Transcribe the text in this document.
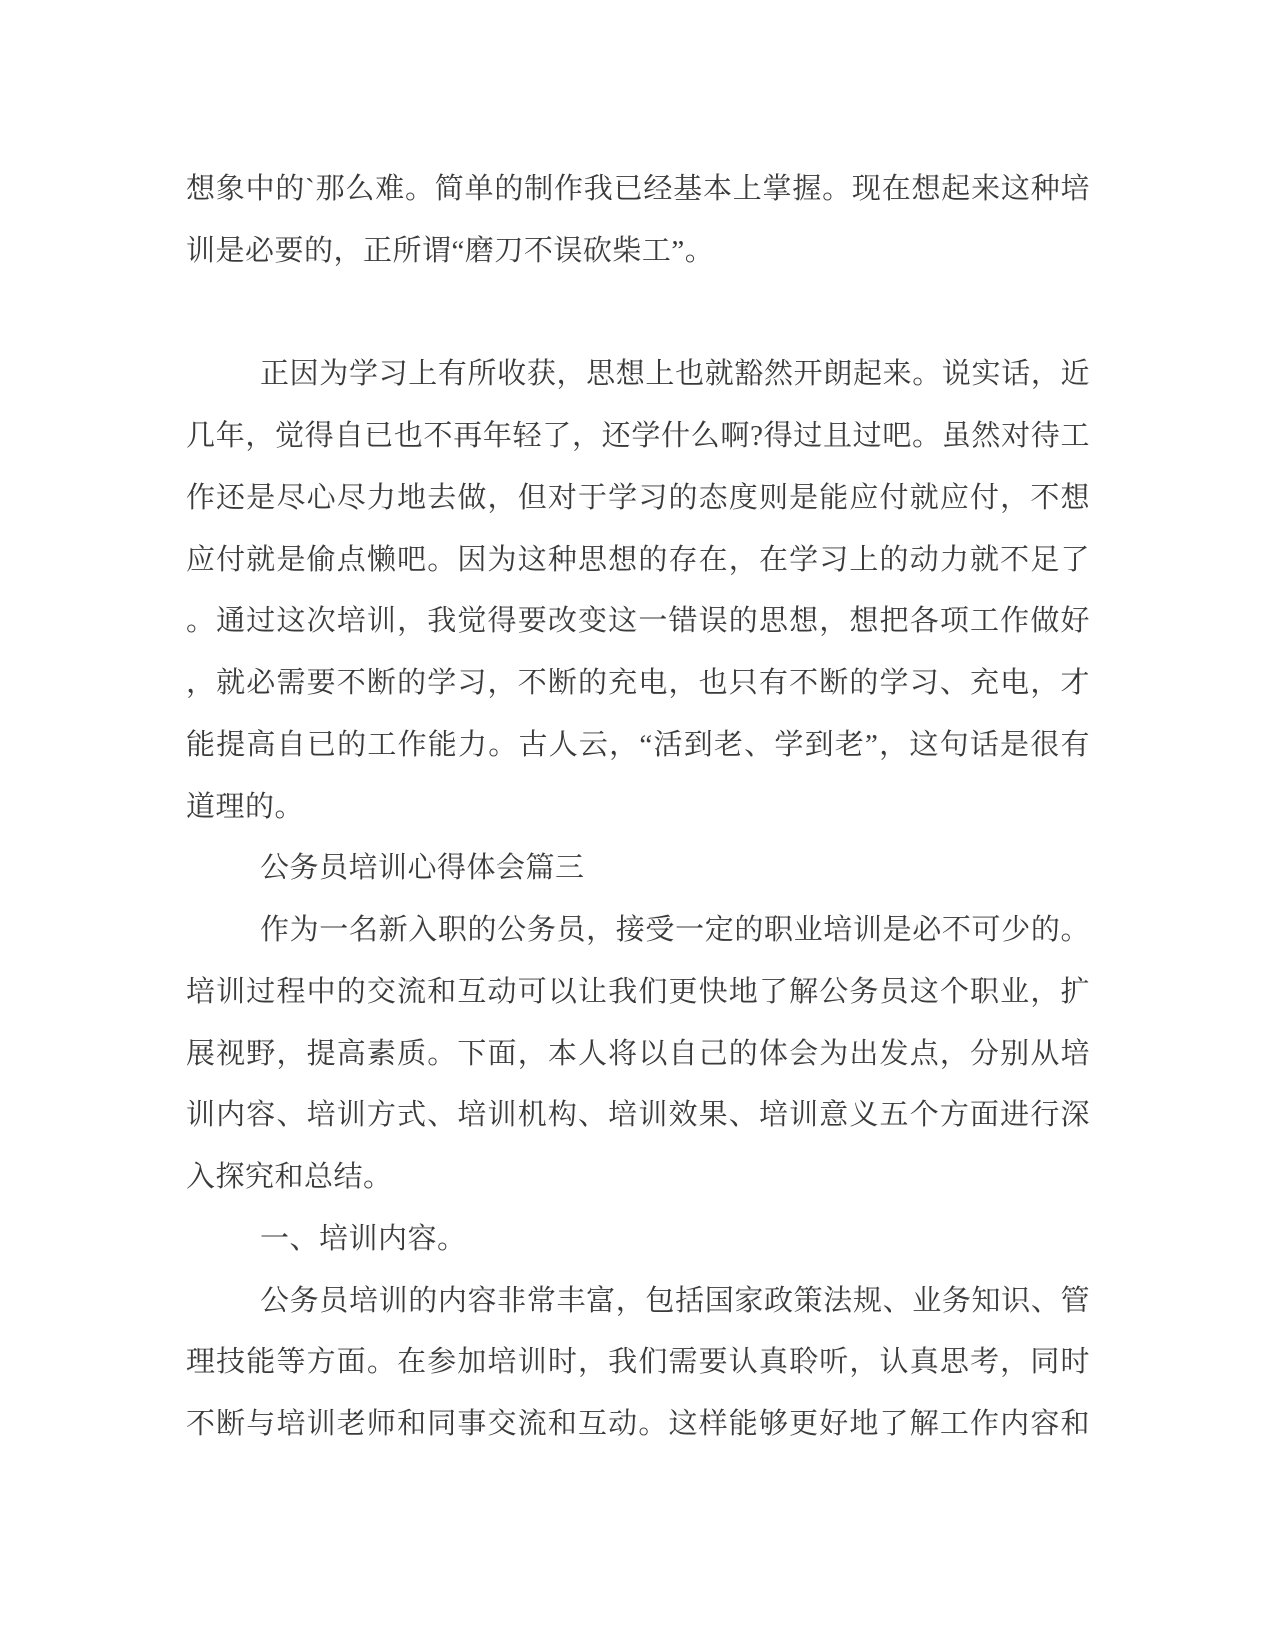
想象中的`那么难。简单的制作我已经基本上掌握。现在想起来这种培
训是必要的，正所谓“磨刀不误砍柴工”。
正因为学习上有所收获，思想上也就豁然开朗起来。说实话，近
几年，觉得自已也不再年轻了，还学什么啊?得过且过吧。虽然对待工
作还是尽心尽力地去做，但对于学习的态度则是能应付就应付，不想
应付就是偷点懒吧。因为这种思想的存在，在学习上的动力就不足了
。通过这次培训，我觉得要改变这一错误的思想，想把各项工作做好
，就必需要不断的学习，不断的充电，也只有不断的学习、充电，才
能提高自已的工作能力。古人云，“活到老、学到老”，这句话是很有
道理的。
公务员培训心得体会篇三
作为一名新入职的公务员，接受一定的职业培训是必不可少的。
培训过程中的交流和互动可以让我们更快地了解公务员这个职业，扩
展视野，提高素质。下面，本人将以自己的体会为出发点，分别从培
训内容、培训方式、培训机构、培训效果、培训意义五个方面进行深
入探究和总结。
一、培训内容。
公务员培训的内容非常丰富，包括国家政策法规、业务知识、管
理技能等方面。在参加培训时，我们需要认真聆听，认真思考，同时
不断与培训老师和同事交流和互动。这样能够更好地了解工作内容和
